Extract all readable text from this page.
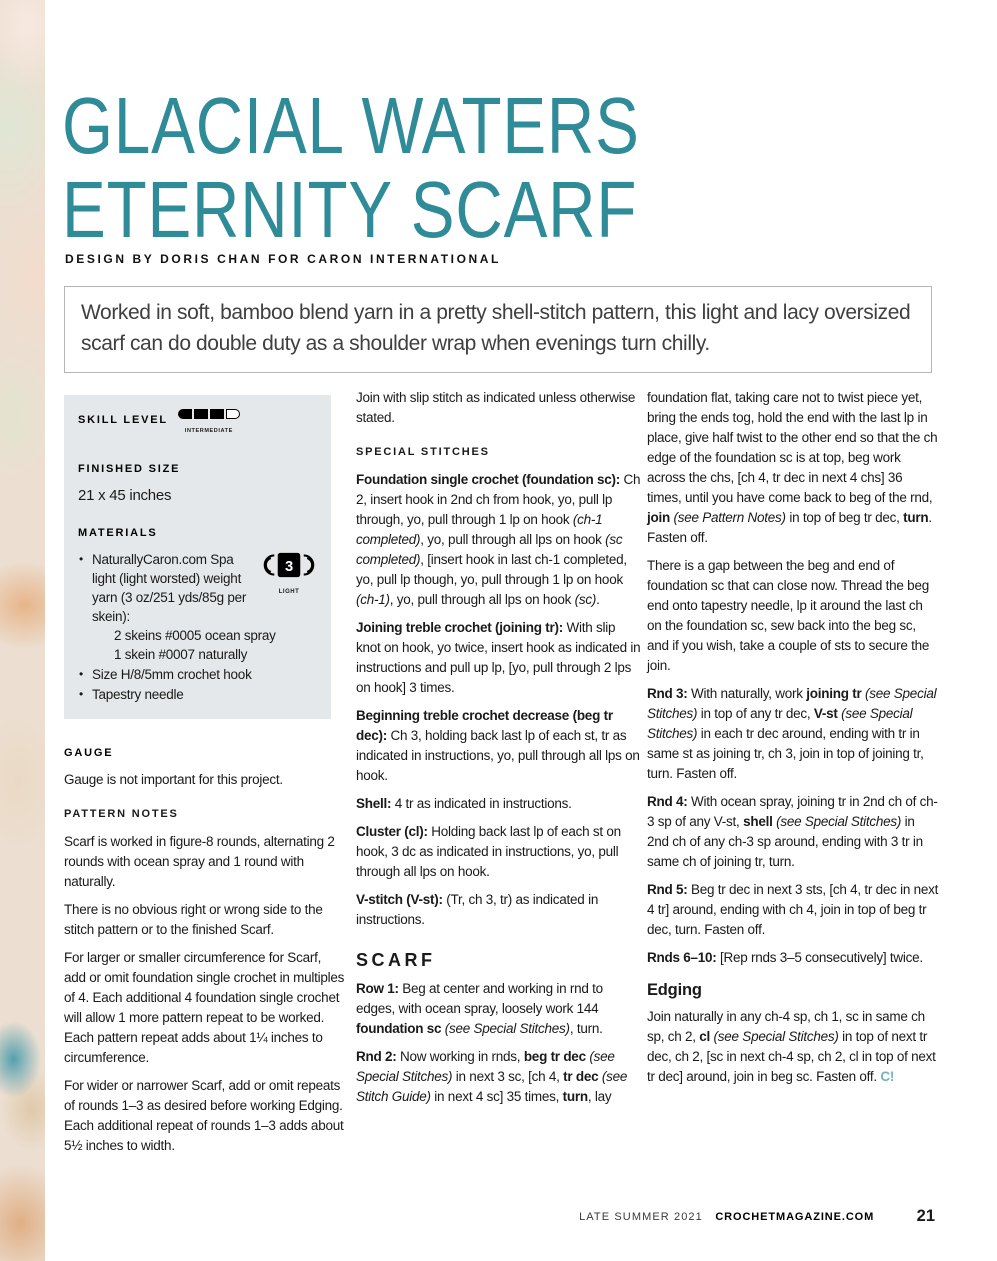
GLACIAL WATERS
ETERNITY SCARF
DESIGN BY DORIS CHAN FOR CARON INTERNATIONAL
Worked in soft, bamboo blend yarn in a pretty shell-stitch pattern, this light and lacy oversized scarf can do double duty as a shoulder wrap when evenings turn chilly.
SKILL LEVEL
INTERMEDIATE
FINISHED SIZE
21 x 45 inches
MATERIALS
• 3
LIGHT
NaturallyCaron.com Spa light (light worsted) weight yarn (3 oz/251 yds/85g per skein):
2 skeins #0005 ocean spray
1 skein #0007 naturally
• Size H/8/5mm crochet hook
• Tapestry needle
GAUGE

Gauge is not important for this project.

PATTERN NOTES

Scarf is worked in figure-8 rounds, alternating 2 rounds with ocean spray and 1 round with naturally.

There is no obvious right or wrong side to the stitch pattern or to the finished Scarf.

For larger or smaller circumference for Scarf, add or omit foundation single crochet in multiples of 4. Each additional 4 foundation single crochet will allow 1 more pattern repeat to be worked. Each pattern repeat adds about 1¼ inches to circumference.

For wider or narrower Scarf, add or omit repeats of rounds 1–3 as desired before working Edging. Each additional repeat of rounds 1–3 adds about 5½ inches to width.

Join with slip stitch as indicated unless otherwise stated.

SPECIAL STITCHES

Foundation single crochet (foundation sc): Ch 2, insert hook in 2nd ch from hook, yo, pull lp through, yo, pull through 1 lp on hook (ch-1 completed), yo, pull through all lps on hook (sc completed), [insert hook in last ch-1 completed, yo, pull lp though, yo, pull through 1 lp on hook (ch-1), yo, pull through all lps on hook (sc).

Joining treble crochet (joining tr): With slip knot on hook, yo twice, insert hook as indicated in instructions and pull up lp, [yo, pull through 2 lps on hook] 3 times.

Beginning treble crochet decrease (beg tr dec): Ch 3, holding back last lp of each st, tr as indicated in instructions, yo, pull through all lps on hook.

Shell: 4 tr as indicated in instructions.

Cluster (cl): Holding back last lp of each st on hook, 3 dc as indicated in instructions, yo, pull through all lps on hook.

V-stitch (V-st): (Tr, ch 3, tr) as indicated in instructions.

SCARF

Row 1: Beg at center and working in rnd to edges, with ocean spray, loosely work 144 foundation sc (see Special Stitches), turn.

Rnd 2: Now working in rnds, beg tr dec (see Special Stitches) in next 3 sc, [ch 4, tr dec (see Stitch Guide) in next 4 sc] 35 times, turn, lay

foundation flat, taking care not to twist piece yet, bring the ends tog, hold the end with the last lp in place, give half twist to the other end so that the ch edge of the foundation sc is at top, beg work across the chs, [ch 4, tr dec in next 4 chs] 36 times, until you have come back to beg of the rnd, join (see Pattern Notes) in top of beg tr dec, turn. Fasten off.

There is a gap between the beg and end of foundation sc that can close now. Thread the beg end onto tapestry needle, lp it around the last ch on the foundation sc, sew back into the beg sc, and if you wish, take a couple of sts to secure the join.

Rnd 3: With naturally, work joining tr (see Special Stitches) in top of any tr dec, V-st (see Special Stitches) in each tr dec around, ending with tr in same st as joining tr, ch 3, join in top of joining tr, turn. Fasten off.

Rnd 4: With ocean spray, joining tr in 2nd ch of ch-3 sp of any V-st, shell (see Special Stitches) in 2nd ch of any ch-3 sp around, ending with 3 tr in same ch of joining tr, turn.

Rnd 5: Beg tr dec in next 3 sts, [ch 4, tr dec in next 4 tr] around, ending with ch 4, join in top of beg tr dec, turn. Fasten off.

Rnds 6–10: [Rep rnds 3–5 consecutively] twice.

Edging

Join naturally in any ch-4 sp, ch 1, sc in same ch sp, ch 2, cl (see Special Stitches) in top of next tr dec, ch 2, [sc in next ch-4 sp, ch 2, cl in top of next tr dec] around, join in beg sc. Fasten off. C!

LATE SUMMER 2021 CROCHETMAGAZINE.COM	21
